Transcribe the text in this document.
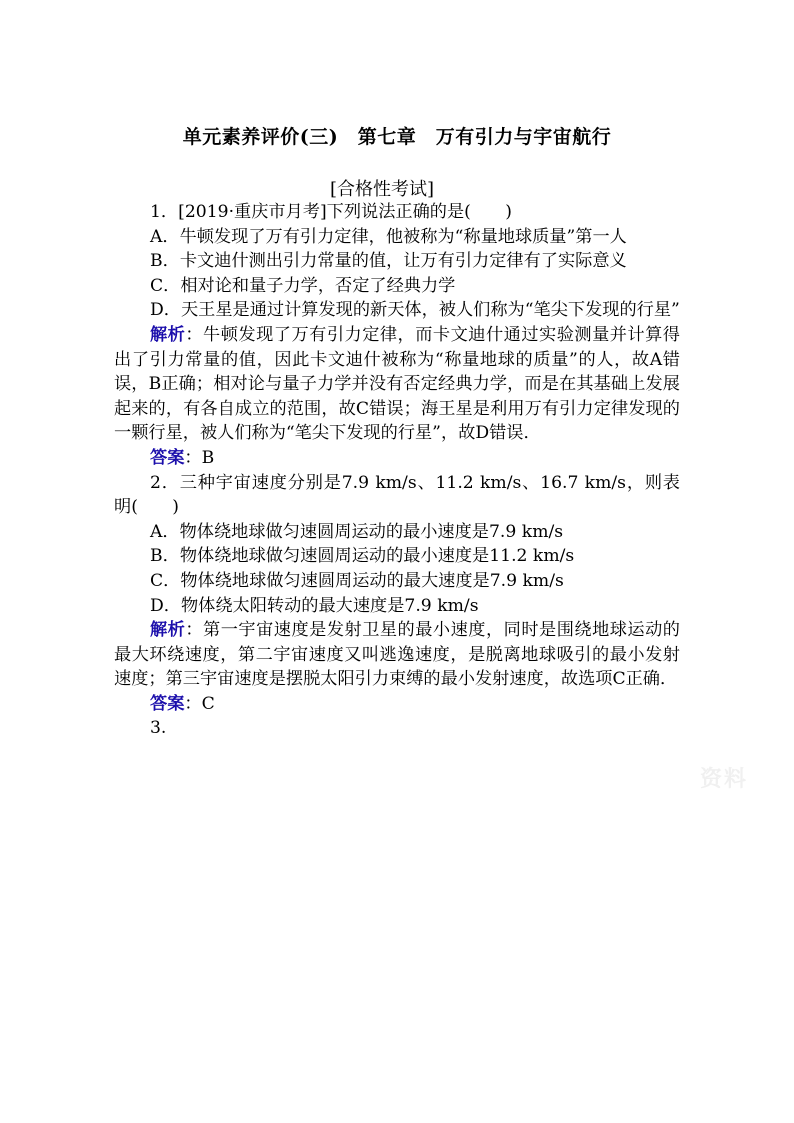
单元素养评价(三)　第七章　万有引力与宇宙航行
[合格性考试]

1．[2019·重庆市月考]下列说法正确的是(　　)

A．牛顿发现了万有引力定律，他被称为“称量地球质量”第一人

B．卡文迪什测出引力常量的值，让万有引力定律有了实际意义

C．相对论和量子力学，否定了经典力学

D．天王星是通过计算发现的新天体，被人们称为“笔尖下发现的行星”

解析：牛顿发现了万有引力定律，而卡文迪什通过实验测量并计算得出了引力常量的值，因此卡文迪什被称为“称量地球的质量”的人，故A错误，B正确；相对论与量子力学并没有否定经典力学，而是在其基础上发展起来的，有各自成立的范围，故C错误；海王星是利用万有引力定律发现的一颗行星，被人们称为“笔尖下发现的行星”，故D错误．

答案：B

2．三种宇宙速度分别是7.9 km/s、11.2 km/s、16.7 km/s，则表明(　　)

A．物体绕地球做匀速圆周运动的最小速度是7.9 km/s

B．物体绕地球做匀速圆周运动的最小速度是11.2 km/s

C．物体绕地球做匀速圆周运动的最大速度是7.9 km/s

D．物体绕太阳转动的最大速度是7.9 km/s

解析：第一宇宙速度是发射卫星的最小速度，同时是围绕地球运动的最大环绕速度，第二宇宙速度又叫逃逸速度，是脱离地球吸引的最小发射速度；第三宇宙速度是摆脱太阳引力束缚的最小发射速度，故选项C正确．

答案：C

3.

资料
